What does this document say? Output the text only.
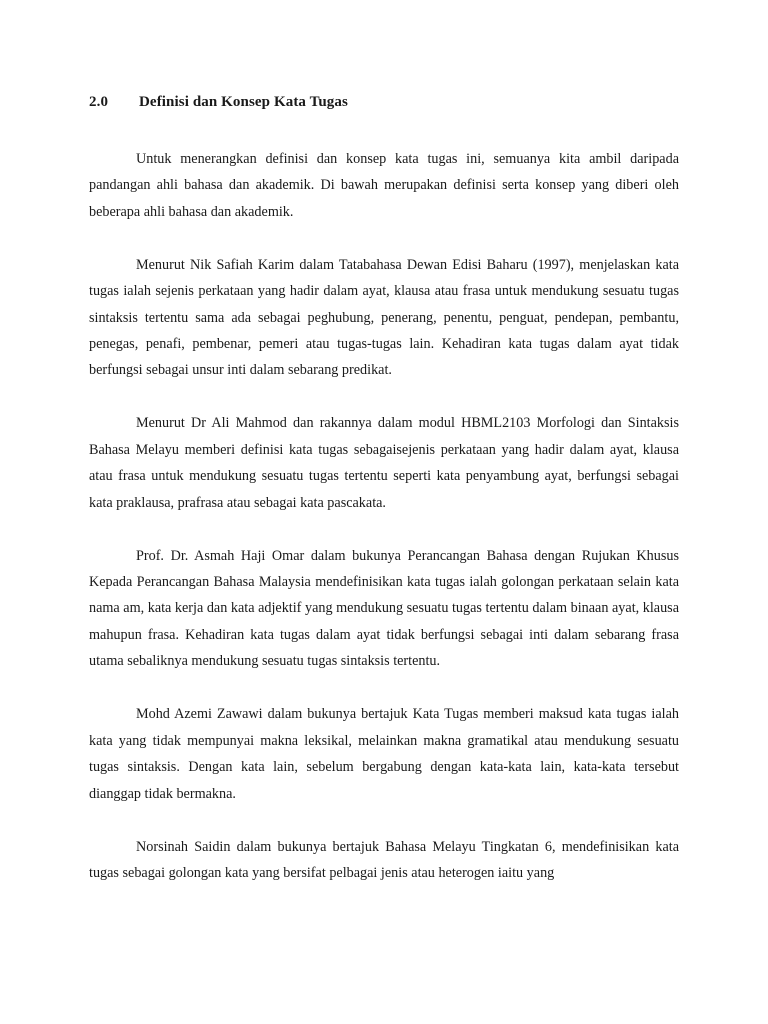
2.0 Definisi dan Konsep Kata Tugas

Untuk menerangkan definisi dan konsep kata tugas ini, semuanya kita ambil daripada pandangan ahli bahasa dan akademik. Di bawah merupakan definisi serta konsep yang diberi oleh beberapa ahli bahasa dan akademik.

Menurut Nik Safiah Karim dalam Tatabahasa Dewan Edisi Baharu (1997), menjelaskan kata tugas ialah sejenis perkataan yang hadir dalam ayat, klausa atau frasa untuk mendukung sesuatu tugas sintaksis tertentu sama ada sebagai peghubung, penerang, penentu, penguat, pendepan, pembantu, penegas, penafi, pembenar, pemeri atau tugas-tugas lain. Kehadiran kata tugas dalam ayat tidak berfungsi sebagai unsur inti dalam sebarang predikat.

Menurut Dr Ali Mahmod dan rakannya dalam modul HBML2103 Morfologi dan Sintaksis Bahasa Melayu memberi definisi kata tugas sebagaisejenis perkataan yang hadir dalam ayat, klausa atau frasa untuk mendukung sesuatu tugas tertentu seperti kata penyambung ayat, berfungsi sebagai kata praklausa, prafrasa atau sebagai kata pascakata.

Prof. Dr. Asmah Haji Omar dalam bukunya Perancangan Bahasa dengan Rujukan Khusus Kepada Perancangan Bahasa Malaysia mendefinisikan kata tugas ialah golongan perkataan selain kata nama am, kata kerja dan kata adjektif yang mendukung sesuatu tugas tertentu dalam binaan ayat, klausa mahupun frasa. Kehadiran kata tugas dalam ayat tidak berfungsi sebagai inti dalam sebarang frasa utama sebaliknya mendukung sesuatu tugas sintaksis tertentu.

Mohd Azemi Zawawi dalam bukunya bertajuk Kata Tugas memberi maksud kata tugas ialah kata yang tidak mempunyai makna leksikal, melainkan makna gramatikal atau mendukung sesuatu tugas sintaksis. Dengan kata lain, sebelum bergabung dengan kata-kata lain, kata-kata tersebut dianggap tidak bermakna.

Norsinah Saidin dalam bukunya bertajuk Bahasa Melayu Tingkatan 6, mendefinisikan kata tugas sebagai golongan kata yang bersifat pelbagai jenis atau heterogen iaitu yang
